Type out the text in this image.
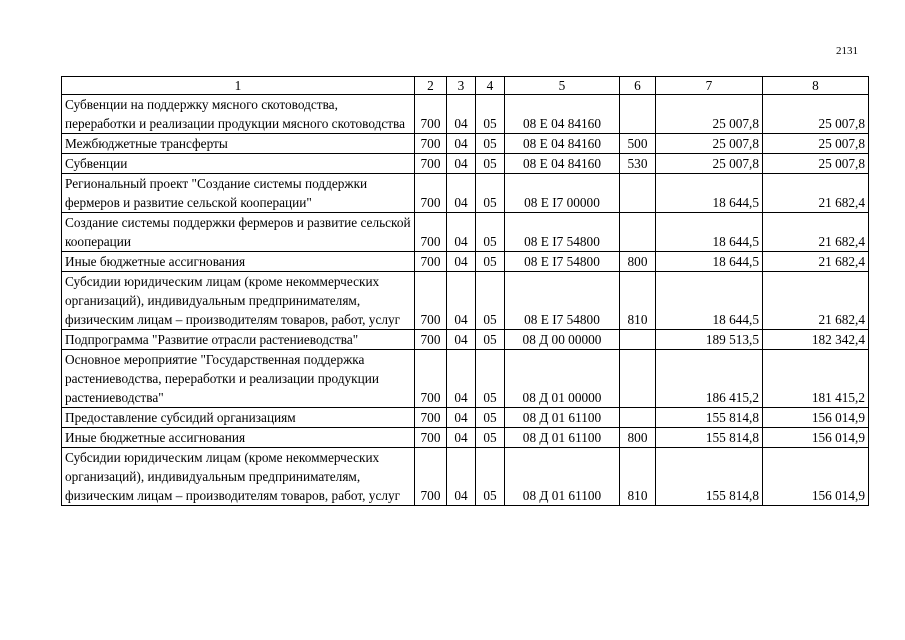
2131
1	2	3	4	5	6	7	8
Субвенции на поддержку мясного скотоводства, переработки и реализации продукции мясного скотоводства	700	04	05	08 Е 04 84160		25 007,8	25 007,8
Межбюджетные трансферты	700	04	05	08 Е 04 84160	500	25 007,8	25 007,8
Субвенции	700	04	05	08 Е 04 84160	530	25 007,8	25 007,8
Региональный проект "Создание системы поддержки фермеров и развитие сельской кооперации"	700	04	05	08 Е I7 00000		18 644,5	21 682,4
Создание системы поддержки фермеров и развитие сельской кооперации	700	04	05	08 Е I7 54800		18 644,5	21 682,4
Иные бюджетные ассигнования	700	04	05	08 Е I7 54800	800	18 644,5	21 682,4
Субсидии юридическим лицам (кроме некоммерческих организаций), индивидуальным предпринимателям, физическим лицам – производителям товаров, работ, услуг	700	04	05	08 Е I7 54800	810	18 644,5	21 682,4
Подпрограмма "Развитие отрасли растениеводства"	700	04	05	08 Д 00 00000		189 513,5	182 342,4
Основное мероприятие "Государственная поддержка растениеводства, переработки и реализации продукции растениеводства"	700	04	05	08 Д 01 00000		186 415,2	181 415,2
Предоставление субсидий организациям	700	04	05	08 Д 01 61100		155 814,8	156 014,9
Иные бюджетные ассигнования	700	04	05	08 Д 01 61100	800	155 814,8	156 014,9
Субсидии юридическим лицам (кроме некоммерческих организаций), индивидуальным предпринимателям, физическим лицам – производителям товаров, работ, услуг	700	04	05	08 Д 01 61100	810	155 814,8	156 014,9
